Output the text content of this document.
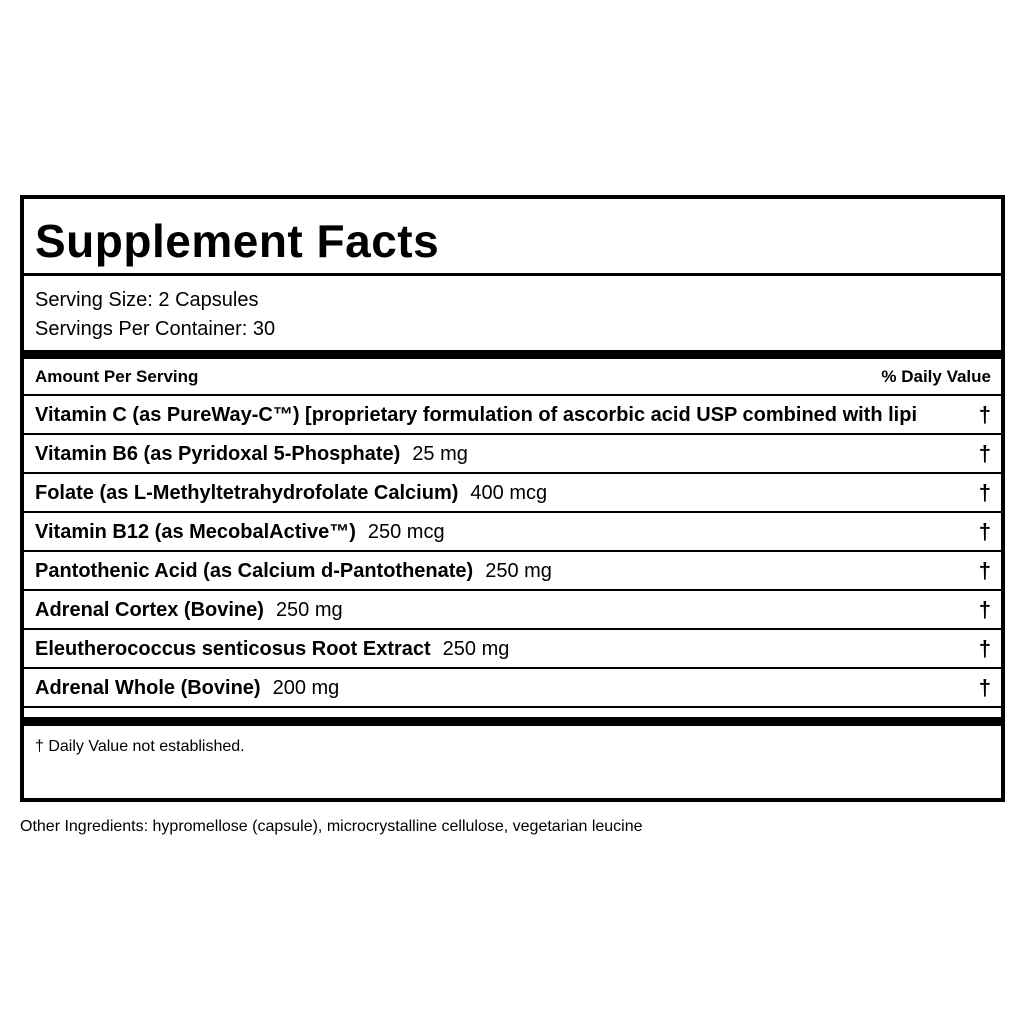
Supplement Facts
Serving Size: 2 Capsules
Servings Per Container: 30
Amount Per Serving	% Daily Value
Vitamin C (as PureWay-C™) [proprietary formulation of ascorbic acid USP combined with lipi	†
Vitamin B6 (as Pyridoxal 5-Phosphate) 25 mg	†
Folate (as L-Methyltetrahydrofolate Calcium) 400 mcg	†
Vitamin B12 (as MecobalActive™) 250 mcg	†
Pantothenic Acid (as Calcium d-Pantothenate) 250 mg	†
Adrenal Cortex (Bovine) 250 mg	†
Eleutherococcus senticosus Root Extract 250 mg	†
Adrenal Whole (Bovine) 200 mg	†
† Daily Value not established.
Other Ingredients: hypromellose (capsule), microcrystalline cellulose, vegetarian leucine
